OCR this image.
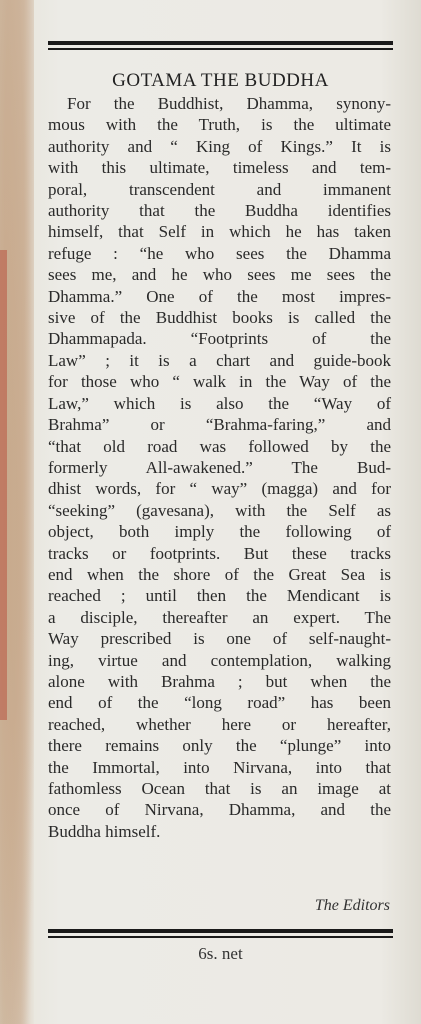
GOTAMA THE BUDDHA
For the Buddhist, Dhamma, synony-
mous with the Truth, is the ultimate
authority and “ King of Kings.” It is
with this ultimate, timeless and tem-
poral, transcendent and immanent
authority that the Buddha identifies
himself, that Self in which he has taken
refuge : “he who sees the Dhamma
sees me, and he who sees me sees the
Dhamma.” One of the most impres-
sive of the Buddhist books is called the
Dhammapada. “Footprints of the
Law” ; it is a chart and guide-book
for those who “ walk in the Way of the
Law,” which is also the “Way of
Brahma” or “Brahma-faring,” and
“that old road was followed by the
formerly All-awakened.” The Bud-
dhist words, for “ way” (magga) and for
“seeking” (gavesana), with the Self as
object, both imply the following of
tracks or footprints. But these tracks
end when the shore of the Great Sea is
reached ; until then the Mendicant is
a disciple, thereafter an expert. The
Way prescribed is one of self-naught-
ing, virtue and contemplation, walking
alone with Brahma ; but when the
end of the “long road” has been
reached, whether here or hereafter,
there remains only the “plunge” into
the Immortal, into Nirvana, into that
fathomless Ocean that is an image at
once of Nirvana, Dhamma, and the
Buddha himself.
The Editors
6s. net
